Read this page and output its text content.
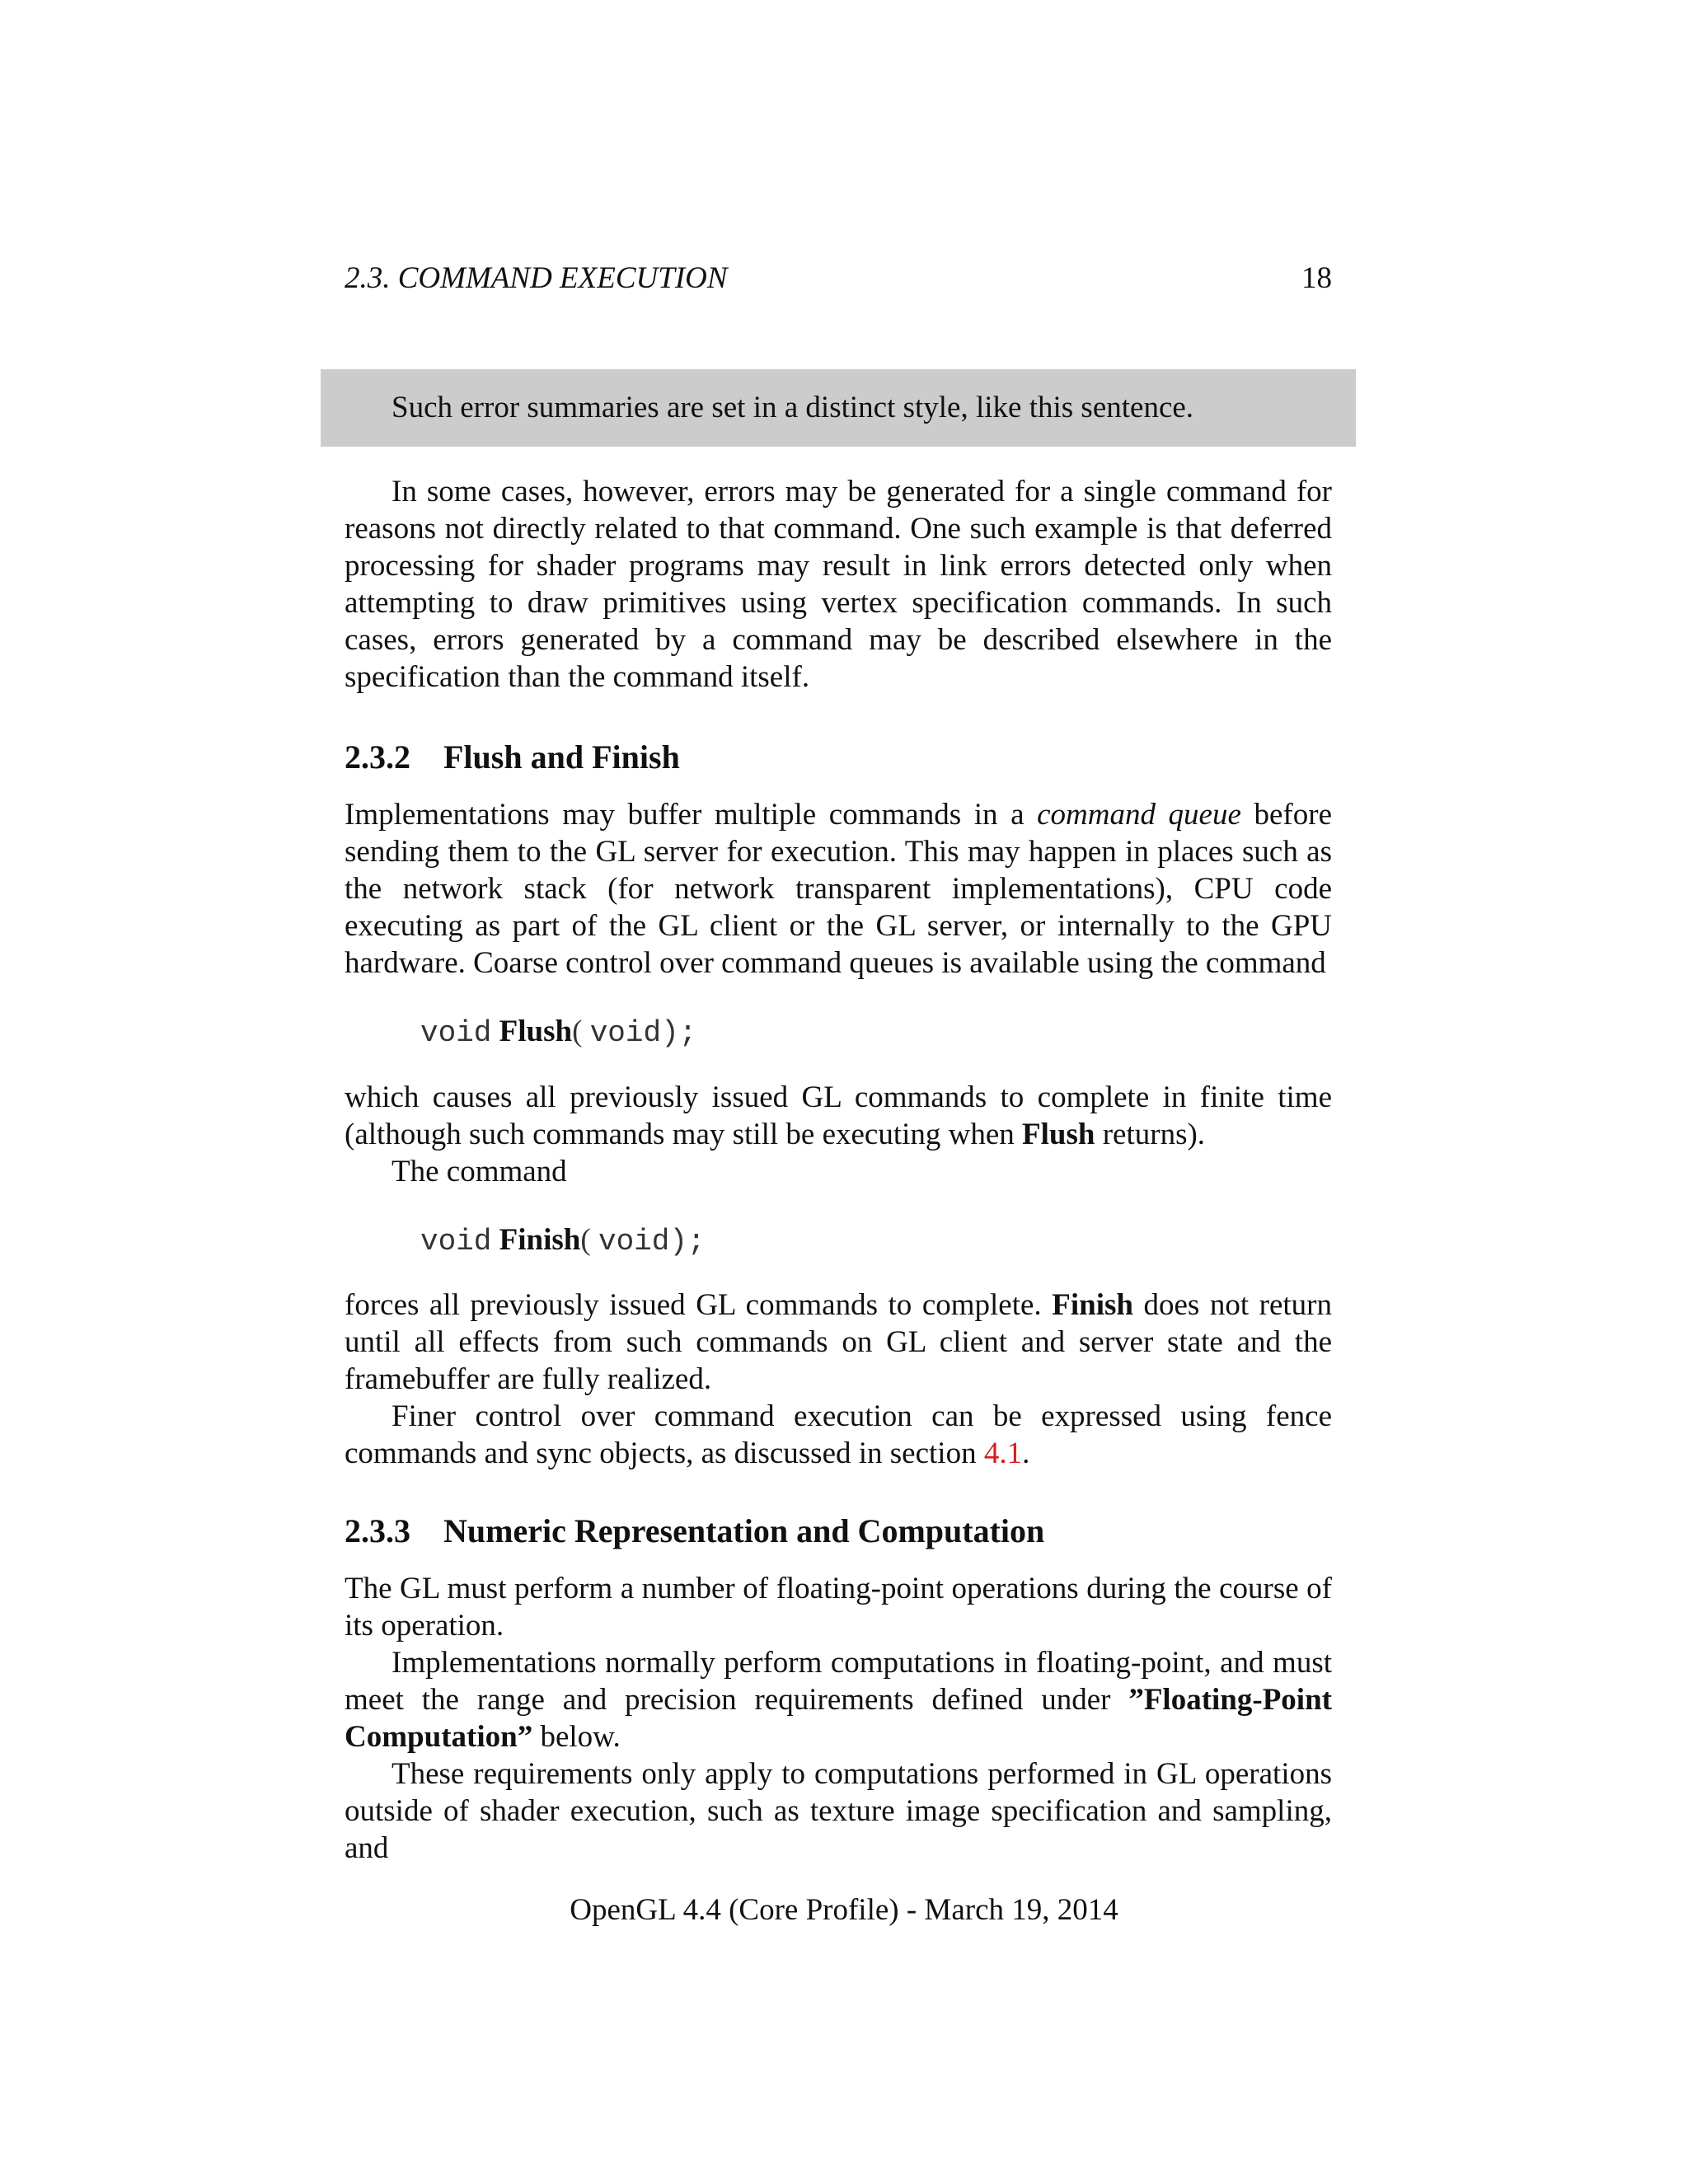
2.3. COMMAND EXECUTION	18
Such error summaries are set in a distinct style, like this sentence.

In some cases, however, errors may be generated for a single command for reasons not directly related to that command. One such example is that deferred processing for shader programs may result in link errors detected only when attempting to draw primitives using vertex specification commands. In such cases, errors generated by a command may be described elsewhere in the specification than the command itself.

2.3.2 Flush and Finish

Implementations may buffer multiple commands in a command queue before sending them to the GL server for execution. This may happen in places such as the network stack (for network transparent implementations), CPU code executing as part of the GL client or the GL server, or internally to the GPU hardware. Coarse control over command queues is available using the command

void Flush( void);

which causes all previously issued GL commands to complete in finite time (although such commands may still be executing when Flush returns).

The command

void Finish( void);

forces all previously issued GL commands to complete. Finish does not return until all effects from such commands on GL client and server state and the framebuffer are fully realized.

Finer control over command execution can be expressed using fence commands and sync objects, as discussed in section 4.1.

2.3.3 Numeric Representation and Computation

The GL must perform a number of floating-point operations during the course of its operation.

Implementations normally perform computations in floating-point, and must meet the range and precision requirements defined under ”Floating-Point Computation” below.

These requirements only apply to computations performed in GL operations outside of shader execution, such as texture image specification and sampling, and

OpenGL 4.4 (Core Profile) - March 19, 2014
